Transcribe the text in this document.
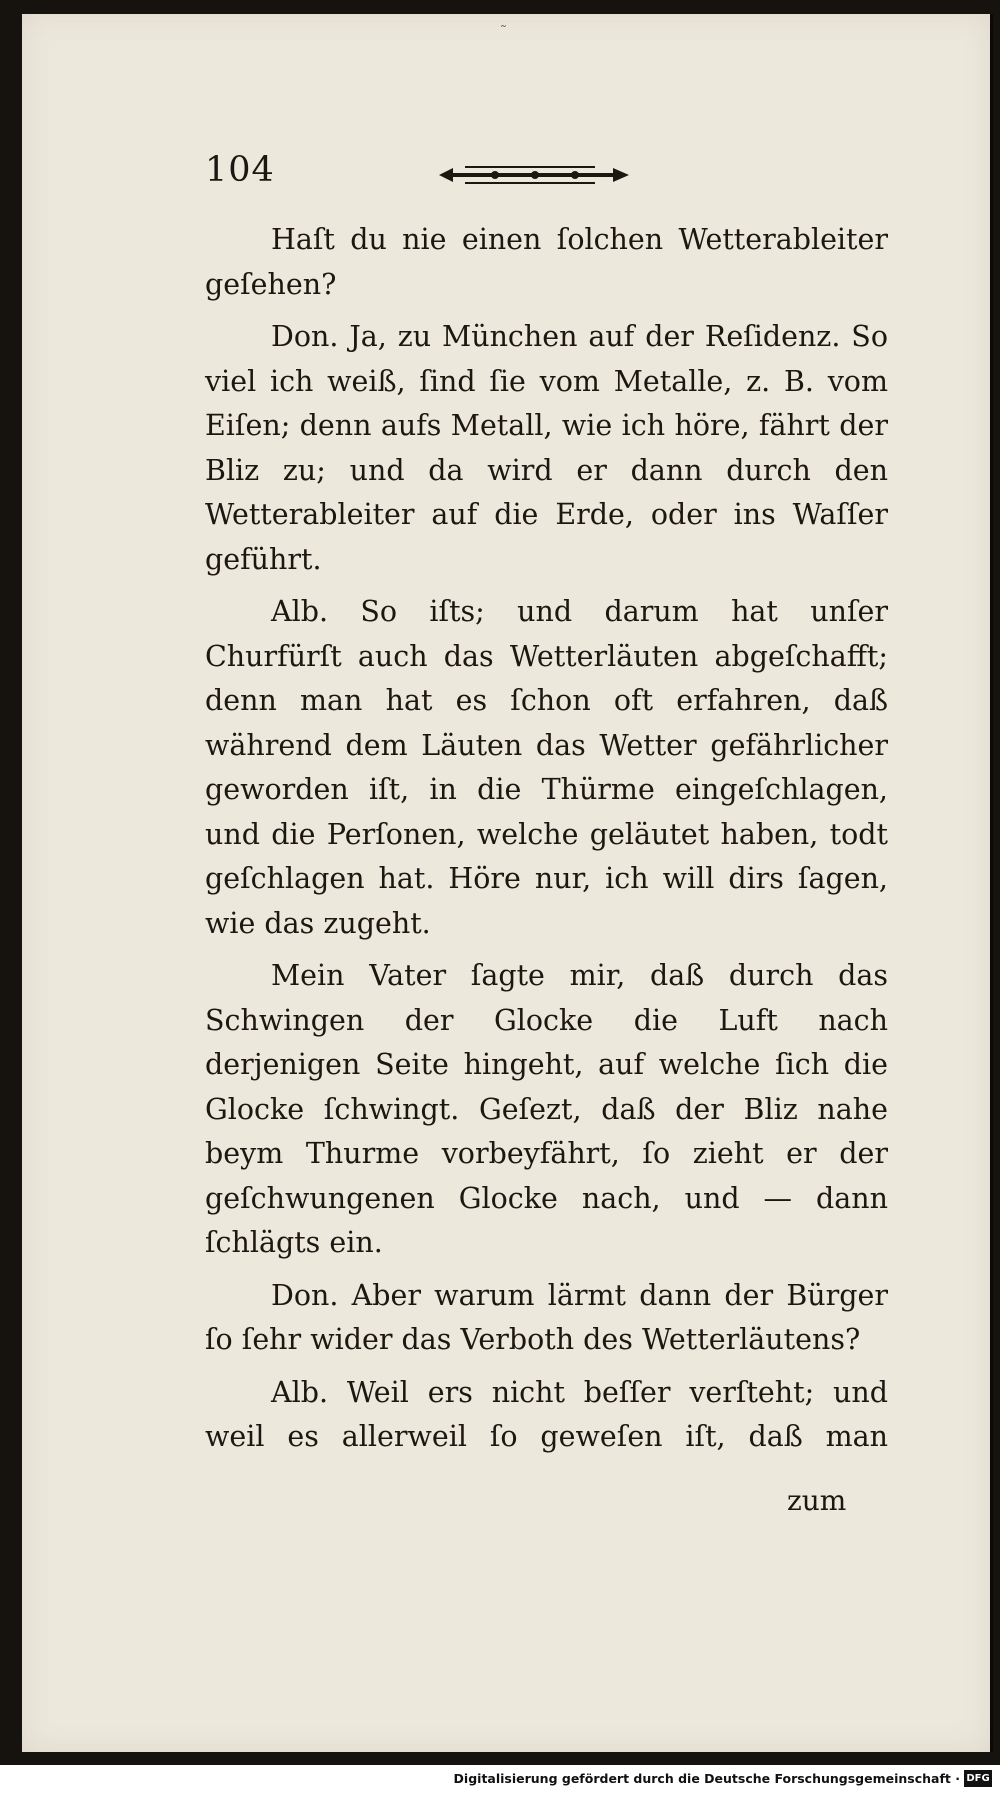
˜
104

Haſt du nie einen ſolchen Wetterableiter geſehen?

Don. Ja, zu München auf der Reſidenz. So viel ich weiß, ſind ſie vom Metalle, z. B. vom Eiſen; denn aufs Metall, wie ich höre, fährt der Bliz zu; und da wird er dann durch den Wetterableiter auf die Erde, oder ins Waſſer geführt.

Alb. So iſts; und darum hat unſer Churfürſt auch das Wetterläuten abgeſchafft; denn man hat es ſchon oft erfahren, daß während dem Läuten das Wetter gefährlicher geworden iſt, in die Thürme eingeſchlagen, und die Perſonen, welche geläutet haben, todt geſchlagen hat. Höre nur, ich will dirs ſagen, wie das zugeht.

Mein Vater ſagte mir, daß durch das Schwingen der Glocke die Luft nach derjenigen Seite hingeht, auf welche ſich die Glocke ſchwingt. Geſezt, daß der Bliz nahe beym Thurme vorbeyfährt, ſo zieht er der geſchwungenen Glocke nach, und — dann ſchlägts ein.

Don. Aber warum lärmt dann der Bürger ſo ſehr wider das Verboth des Wetterläutens?

Alb. Weil ers nicht beſſer verſteht; und weil es allerweil ſo geweſen iſt, daß man

zum
Digitalisierung gefördert durch die Deutsche Forschungsgemeinschaft · DFG
